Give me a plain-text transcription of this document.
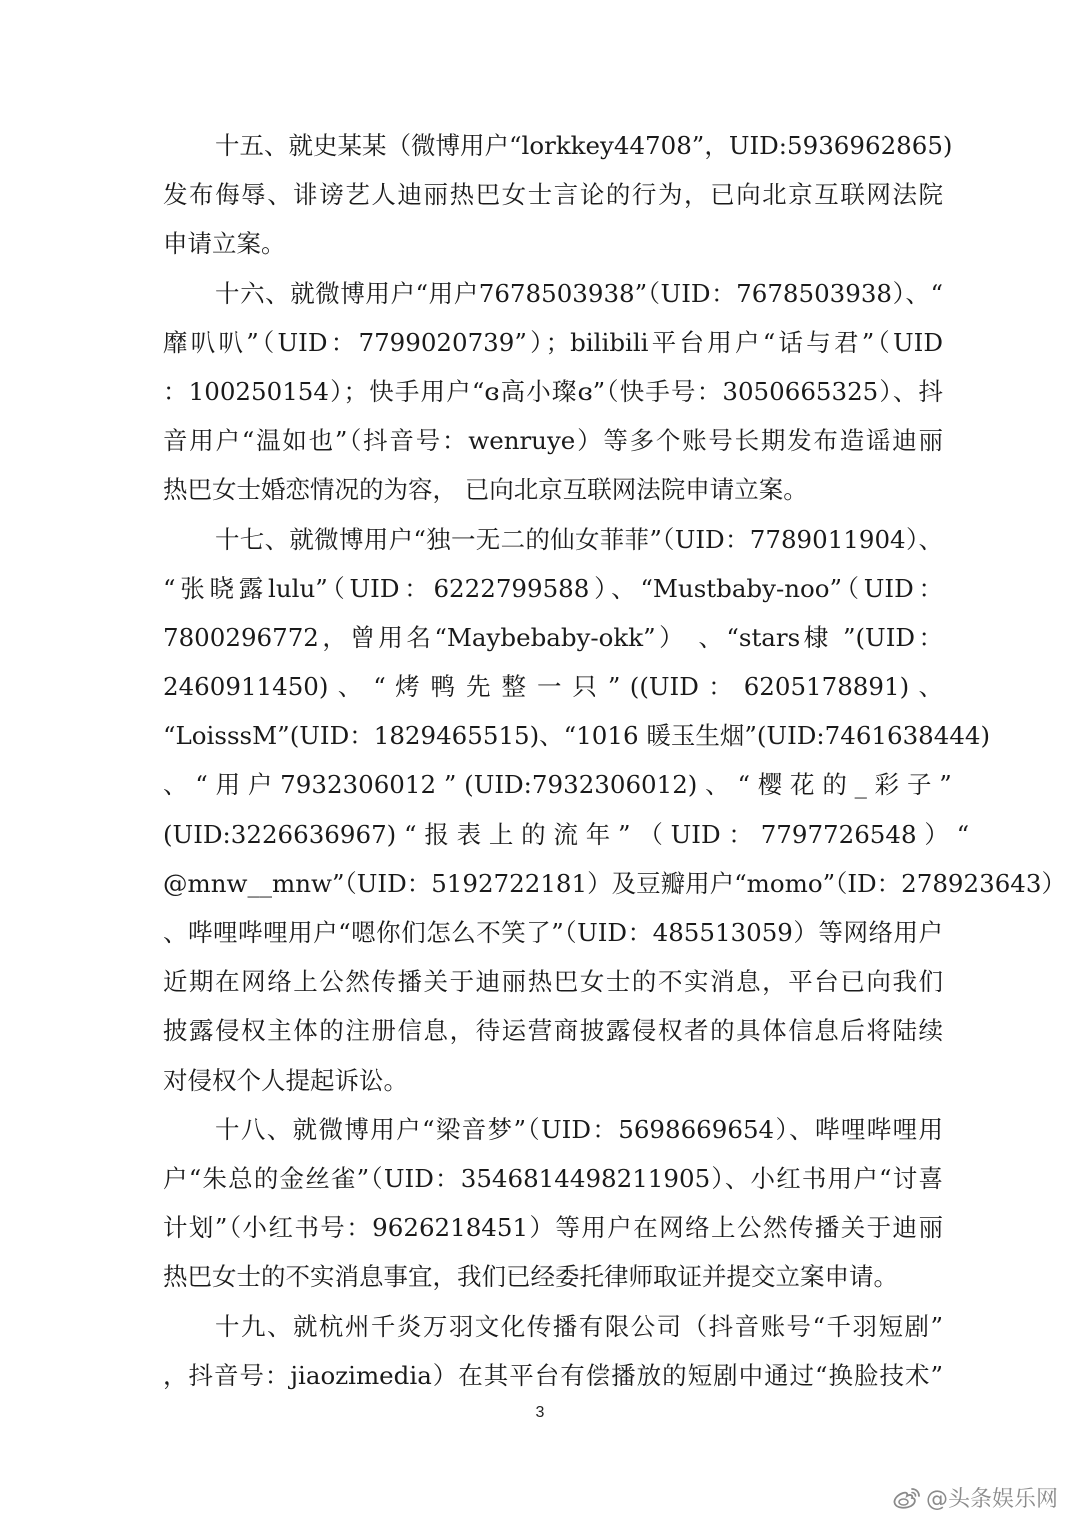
十五、就史某某（微博用户“lorkkey44708”，UID:5936962865)
发布侮辱、诽谤艺人迪丽热巴女士言论的行为，已向北京互联网法院
申请立案。
十六、就微博用户“用户7678503938”（UID：7678503938）、“
靡叭叭”（UID：7799020739”）；bilibili平台用户“话与君”（UID
：100250154）；快手用户“ɞ高小璨ɞ”（快手号：3050665325）、抖
音用户“温如也”（抖音号：wenruye）等多个账号长期发布造谣迪丽
热巴女士婚恋情况的为容， 已向北京互联网法院申请立案。
十七、就微博用户“独一无二的仙女菲菲”（UID：7789011904）、
“张晓露lulu”（UID：6222799588）、“Mustbaby-noo”（UID：
7800296772，曾用名“Maybebaby-okk”） 、“stars棣 ”(UID：
2460911450) 、 “ 烤 鸭 先 整 一 只 ” ((UID ： 6205178891) 、
“LoisssM”(UID：1829465515)、“1016 暖玉生烟”(UID:7461638444)
、 “ 用 户 7932306012 ” (UID:7932306012) 、 “ 樱 花 的 _ 彩 子 ”
(UID:3226636967) “ 报 表 上 的 流 年 ” （ UID ： 7797726548 ） “
@mnw__mnw”（UID：5192722181）及豆瓣用户“momo”（ID：278923643）
、哔哩哔哩用户“嗯你们怎么不笑了”（UID：485513059）等网络用户
近期在网络上公然传播关于迪丽热巴女士的不实消息，平台已向我们
披露侵权主体的注册信息，待运营商披露侵权者的具体信息后将陆续
对侵权个人提起诉讼。
十八、就微博用户“梁音梦”（UID：5698669654）、哔哩哔哩用
户“朱总的金丝雀”（UID：3546814498211905）、小红书用户“讨喜
计划”（小红书号：9626218451）等用户在网络上公然传播关于迪丽
热巴女士的不实消息事宜，我们已经委托律师取证并提交立案申请。
十九、就杭州千炎万羽文化传播有限公司（抖音账号“千羽短剧”
，抖音号：jiaozimedia）在其平台有偿播放的短剧中通过“换脸技术”
3
@头条娱乐网
